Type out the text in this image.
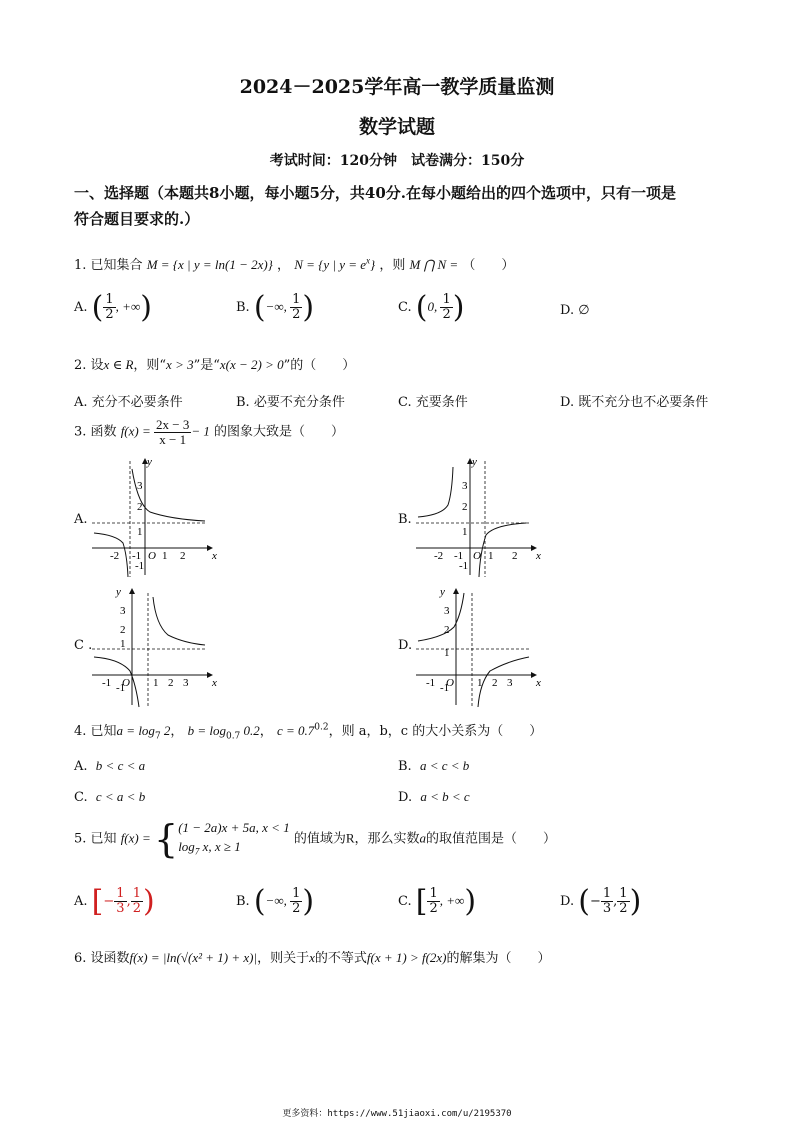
2024－2025学年高一教学质量监测
数学试题
考试时间：120分钟　试卷满分：150分
一、选择题（本题共8小题，每小题5分，共40分.在每小题给出的四个选项中，只有一项是
符合题目要求的.）
1. 已知集合 M = {x | y = ln(1 − 2x)} ， N = {y | $y = e^x$} ，则 M ⋂ N = （　　）
A. ( $\frac{1}{2}$ , +∞)	B. (−∞, $\frac{1}{2}$ )	C. (0, $\frac{1}{2}$ )	D. ∅
2. 设x ∈ R，则“x > 3”是“x(x − 2) > 0”的（　　）
A. 充分不必要条件	B. 必要不充分条件	C. 充要条件	D. 既不充分也不必要条件
3. 函数 $f(x) = \frac{2x - 3}{x - 1} - 1$ 的图象大致是（　　）
A.	B.
C .	D.
y
x
O
-2 -1 1 2
3
2
1
-1
y
x
O
-2 -1 1 2
3
2
1
-1
y
x
O
-1	1 2 3
3
2
1
-1
y
x
O
-1	1 2 3
3
2
1
-1
4. 已知$a = \log_7 2$， $b = \log_{0.7} 0.2$， $c = 0.7^{0.2}$，则 a，b，c 的大小关系为（　　）
A. b < c < a	B. a < c < b
C. c < a < b	D. a < b < c
5. 已知 f(x) = { (1 − 2a)x + 5a, x < 1
$\log_7 x$, x ≥ 1
的值域为R，那么实数a的取值范围是（　　）
A. [− $\frac{1}{3}$ , $\frac{1}{2}$ )	B. (−∞, $\frac{1}{2}$ )	C. [ $\frac{1}{2}$ , +∞)	D. (− $\frac{1}{3}$ , $\frac{1}{2}$ )
6. 设函数f(x) = |ln(√(x² + 1) + x)|，则关于x的不等式f(x + 1) > f(2x)的解集为（　　）
更多资料：https://www.51jiaoxi.com/u/2195370
